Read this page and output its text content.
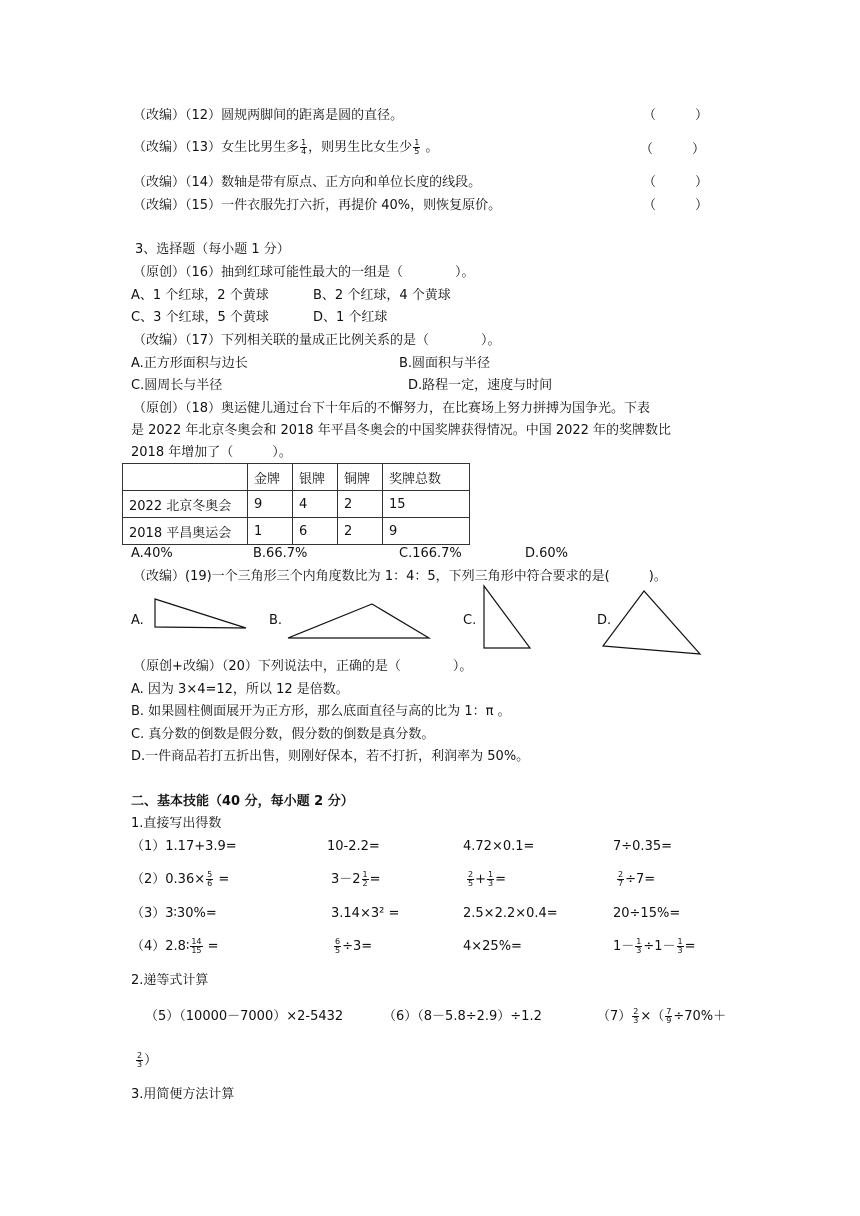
（改编）（12）圆规两脚间的距离是圆的直径。	（　　　）
（改编）（13）女生比男生多 $\frac{1}{4}$ ，则男生比女生少 $\frac{1}{5}$ 。	（　　　）
（改编）（14）数轴是带有原点、正方向和单位长度的线段。	（　　　）
（改编）（15）一件衣服先打六折，再提价 40%，则恢复原价。	（　　　）
3、选择题（每小题 1 分）
（原创）（16）抽到红球可能性最大的一组是（　　　　）。
A、1 个红球，2 个黄球	B、2 个红球，4 个黄球
C、3 个红球，5 个黄球	D、1 个红球
（改编）（17）下列相关联的量成正比例关系的是（　　　　）。
A.正方形面积与边长	B.圆面积与半径
C.圆周长与半径	D.路程一定，速度与时间
（原创）（18）奥运健儿通过台下十年后的不懈努力，在比赛场上努力拼搏为国争光。下表
是 2022 年北京冬奥会和 2018 年平昌冬奥会的中国奖牌获得情况。中国 2022 年的奖牌数比
2018 年增加了（　　　）。
	金牌	银牌	铜牌	奖牌总数
2022 北京冬奥会	9	4	2	15
2018 平昌奥运会	1	6	2	9
A.40%	B.66.7%	C.166.7%	D.60%
（改编）(19)一个三角形三个内角度数比为 1：4：5，下列三角形中符合要求的是(　　　)。
A.	B.	C.	D.
（原创+改编）（20）下列说法中，正确的是（　　　　）。
A. 因为 3×4=12，所以 12 是倍数。
B. 如果圆柱侧面展开为正方形，那么底面直径与高的比为 1：π 。
C. 真分数的倒数是假分数，假分数的倒数是真分数。
D.一件商品若打五折出售，则刚好保本，若不打折，利润率为 50%。
二、基本技能（40 分，每小题 2 分）
1.直接写出得数
（1）1.17+3.9=	10-2.2=	4.72×0.1=	7÷0.35=
$(2)0.36\times \frac{5}{6}$ =	$3-2 \frac{1}{2}$ =	$\frac{2}{5} + \frac{1}{3}$ =	$\frac{2}{7} \div 7=$
（3）3∶30%=	3.14×3² =	2.5×2.2×0.4=	20÷15%=
（4）2.8∶ $\frac{14}{15}$ =	$\frac{6}{5} \div 3=$	4×25%=	$1- \frac{1}{3} \div 1- \frac{1}{3}$ =
2.递等式计算
（5）（10000－7000）×2-5432	（6）（8－5.8÷2.9）÷1.2	$(7) \frac{2}{3}$ ×（ $\frac{7}{9} \div 70\%+$
$\frac{2}{3}$ ）
3.用简便方法计算
